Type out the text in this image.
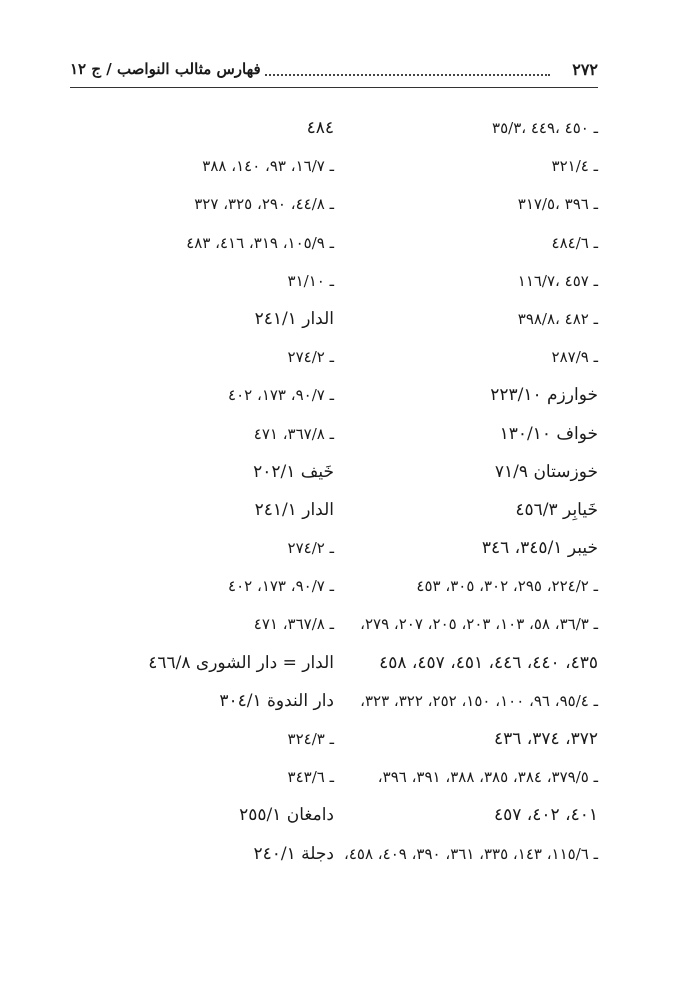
٢٧٢
فهارس مثالب النواصب / ج ١٢
ـ ٤٥٠ ،٤٤٩ ،٣٥/٣
ـ ٣٢١/٤
ـ ٣٩٦ ،٣١٧/٥
ـ ٤٨٤/٦
ـ ٤٥٧ ،١١٦/٧
ـ ٤٨٢ ،٣٩٨/٨
ـ ٢٨٧/٩
خوارزم ٢٢٣/١٠
خواف ١٣٠/١٠
خوزستان ٧١/٩
خَيابِر ٤٥٦/٣
خيبر ٣٤٥/١، ٣٤٦
ـ ٢٢٤/٢، ٢٩٥، ٣٠٢، ٣٠٥، ٤٥٣
ـ ٣٦/٣، ٥٨، ١٠٣، ٢٠٣، ٢٠٥، ٢٠٧، ٢٧٩،
٤٣٥، ٤٤٠، ٤٤٦، ٤٥١، ٤٥٧، ٤٥٨
ـ ٩٥/٤، ٩٦، ١٠٠، ١٥٠، ٢٥٢، ٣٢٢، ٣٢٣،
٣٧٢، ٣٧٤، ٤٣٦
ـ ٣٧٩/٥، ٣٨٤، ٣٨٥، ٣٨٨، ٣٩١، ٣٩٦،
٤٠١، ٤٠٢، ٤٥٧
ـ ١١٥/٦، ١٤٣، ٣٣٥، ٣٦١، ٣٩٠، ٤٠٩، ٤٥٨،
٤٨٤
ـ ١٦/٧، ٩٣، ١٤٠، ٣٨٨
ـ ٤٤/٨، ٢٩٠، ٣٢٥، ٣٢٧
ـ ١٠٥/٩، ٣١٩، ٤١٦، ٤٨٣
ـ ٣١/١٠
الدار ٢٤١/١
ـ ٢٧٤/٢
ـ ٩٠/٧، ١٧٣، ٤٠٢
ـ ٣٦٧/٨، ٤٧١
خَيف ٢٠٢/١
الدار ٢٤١/١
ـ ٢٧٤/٢
ـ ٩٠/٧، ١٧٣، ٤٠٢
ـ ٣٦٧/٨، ٤٧١
الدار = دار الشورى ٤٦٦/٨
دار الندوة ٣٠٤/١
ـ ٣٢٤/٣
ـ ٣٤٣/٦
دامغان ٢٥٥/١
دجلة ٢٤٠/١
